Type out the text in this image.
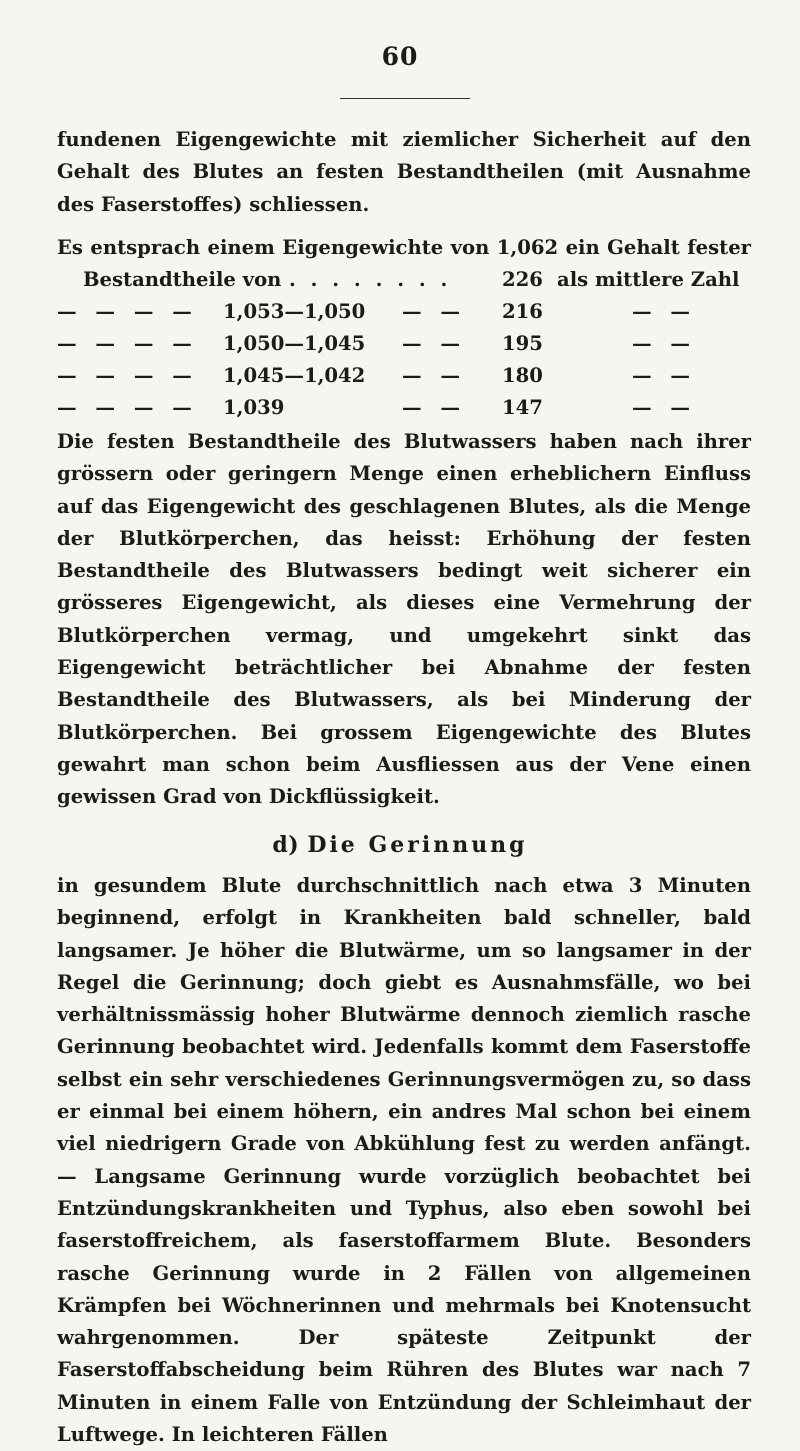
60

fundenen Eigengewichte mit ziemlicher Sicherheit auf den Gehalt des Blutes an festen Bestandtheilen (mit Ausnahme des Faserstoffes) schliessen.

Es entsprach einem Eigengewichte von 1,062 ein Gehalt fester

Bestandtheile von . . . . . . . .	226 als mittlere Zahl
— — — — 1,053—1,050 — — 216	— —
— — — — 1,050—1,045 — — 195	— —
— — — — 1,045—1,042 — — 180	— —
— — — — 1,039	— — 147	— —

Die festen Bestandtheile des Blutwassers haben nach ihrer grössern oder geringern Menge einen erheblichern Einfluss auf das Eigengewicht des geschlagenen Blutes, als die Menge der Blutkörperchen, das heisst: Erhöhung der festen Bestandtheile des Blutwassers bedingt weit sicherer ein grösseres Eigengewicht, als dieses eine Vermehrung der Blutkörperchen vermag, und umgekehrt sinkt das Eigengewicht beträchtlicher bei Abnahme der festen Bestandtheile des Blutwassers, als bei Minderung der Blutkörperchen. Bei grossem Eigengewichte des Blutes gewahrt man schon beim Ausfliessen aus der Vene einen gewissen Grad von Dickflüssigkeit.

d) Die Gerinnung

in gesundem Blute durchschnittlich nach etwa 3 Minuten beginnend, erfolgt in Krankheiten bald schneller, bald langsamer. Je höher die Blutwärme, um so langsamer in der Regel die Gerinnung; doch giebt es Ausnahmsfälle, wo bei verhältnissmässig hoher Blutwärme dennoch ziemlich rasche Gerinnung beobachtet wird. Jedenfalls kommt dem Faserstoffe selbst ein sehr verschiedenes Gerinnungsvermögen zu, so dass er einmal bei einem höhern, ein andres Mal schon bei einem viel niedrigern Grade von Abkühlung fest zu werden anfängt. — Langsame Gerinnung wurde vorzüglich beobachtet bei Entzündungskrankheiten und Typhus, also eben sowohl bei faserstoffreichem, als faserstoffarmem Blute. Besonders rasche Gerinnung wurde in 2 Fällen von allgemeinen Krämpfen bei Wöchnerinnen und mehrmals bei Knotensucht wahrgenommen. Der späteste Zeitpunkt der Faserstoffabscheidung beim Rühren des Blutes war nach 7 Minuten in einem Falle von Entzündung der Schleimhaut der Luftwege. In leichteren Fällen
